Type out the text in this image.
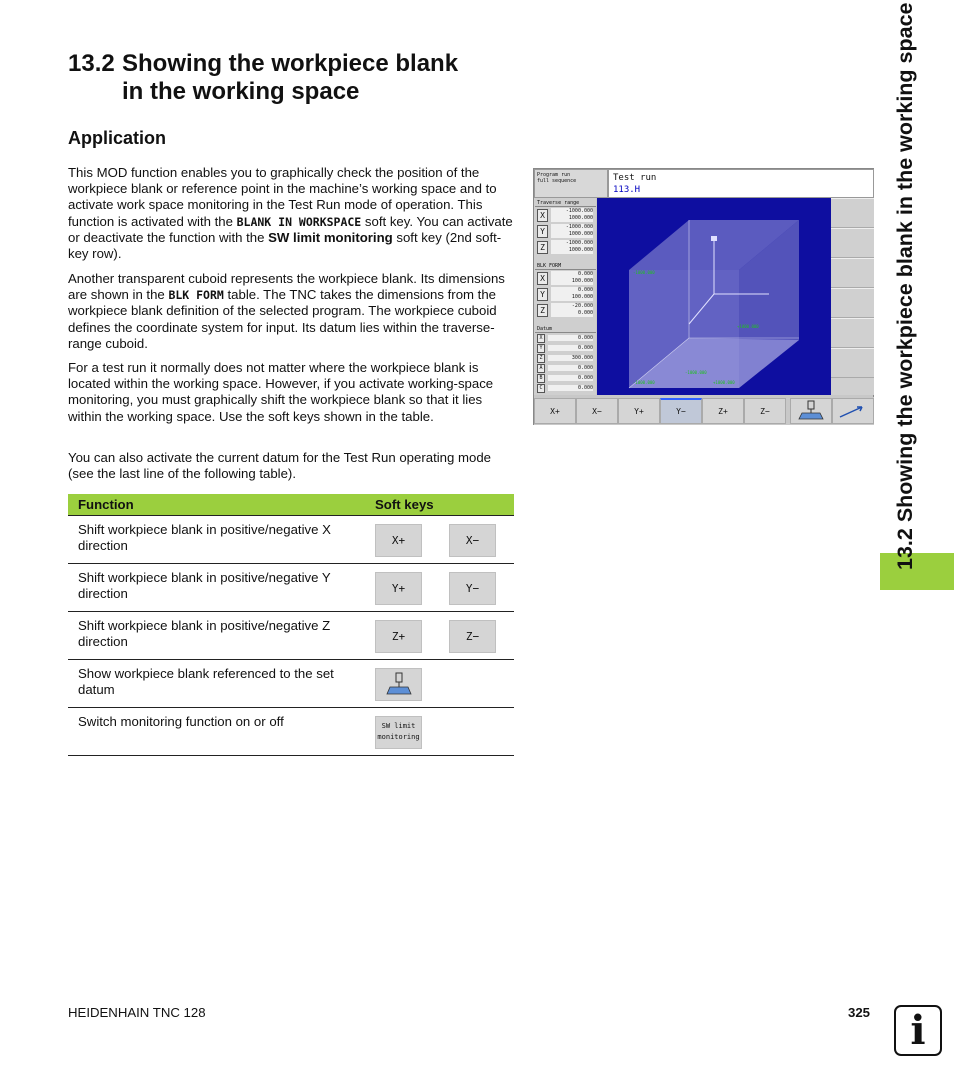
13.2 Showing the workpiece blank in the working space
13.2 Showing the workpiece blank
in the working space
Application
This MOD function enables you to graphically check the position of the workpiece blank or reference point in the machine’s working space and to activate work space monitoring in the Test Run mode of operation. This function is activated with the BLANK IN WORKSPACE soft key. You can activate or deactivate the function with the SW limit monitoring soft key (2nd soft-key row).
Another transparent cuboid represents the workpiece blank. Its dimensions are shown in the BLK FORM table. The TNC takes the dimensions from the workpiece blank definition of the selected program. The workpiece cuboid defines the coordinate system for input. Its datum lies within the traverse-range cuboid.
For a test run it normally does not matter where the workpiece blank is located within the working space. However, if you activate working-space monitoring, you must graphically shift the workpiece blank so that it lies within the working space. Use the soft keys shown in the table.
You can also activate the current datum for the Test Run operating mode (see the last line of the following table).
Function	Soft keys
Shift workpiece blank in positive/negative X direction	X+ X−

Shift workpiece blank in positive/negative Y direction	Y+ Y−

Shift workpiece blank in positive/negative Z direction	Z+ Z−

Show workpiece blank referenced to the set datum	

Switch monitoring function on or off	SW limit
monitoring
Program run
full sequence	Test run
113.H
Traverse range
X	-1000.000
1000.000
Y	-1000.000
1000.000
Z	-1000.000
1000.000
BLK FORM
X	0.000
100.000
Y	0.000
100.000
Z	-20.000
0.000
Datum
X	0.000
Y	0.000
Z	300.000
A	0.000
B	0.000
C	0.000
-1000.000
+1000.000
-1000.000
-1000.000
+1000.000
X+	X−	Y+	Y−	Z+	Z−
HEIDENHAIN TNC 128	325 i
